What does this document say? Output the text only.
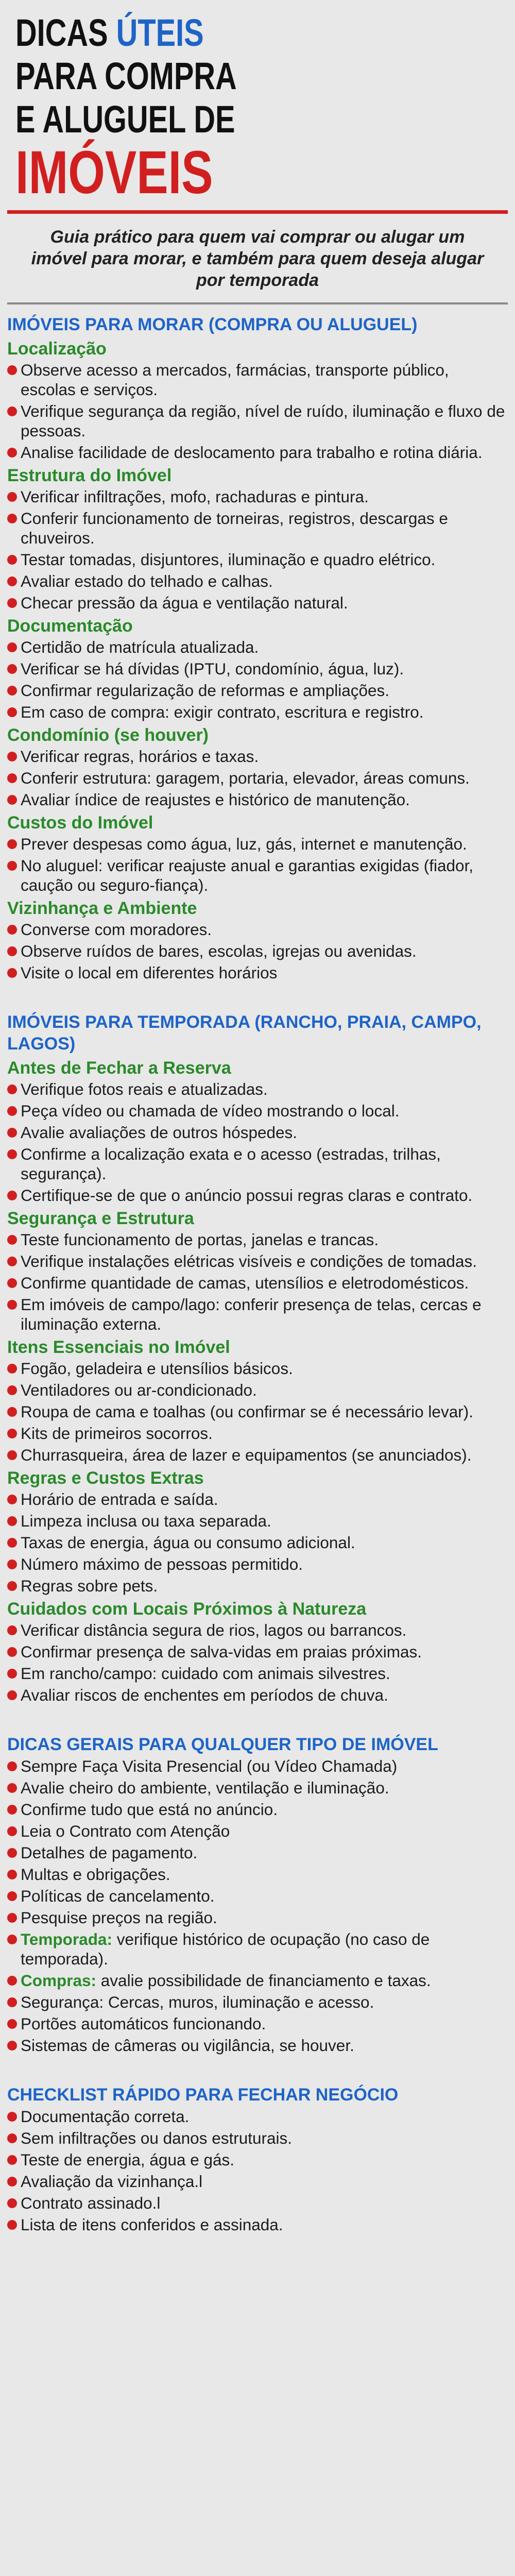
DICAS ÚTEIS
PARA COMPRA
E ALUGUEL DE
IMÓVEIS
Guia prático para quem vai comprar ou alugar um imóvel para morar, e também para quem deseja alugar por temporada
IMÓVEIS PARA MORAR (COMPRA OU ALUGUEL)
Localização
Observe acesso a mercados, farmácias, transporte público, escolas e serviços.
Verifique segurança da região, nível de ruído, iluminação e fluxo de pessoas.
Analise facilidade de deslocamento para trabalho e rotina diária.
Estrutura do Imóvel
Verificar infiltrações, mofo, rachaduras e pintura.
Conferir funcionamento de torneiras, registros, descargas e chuveiros.
Testar tomadas, disjuntores, iluminação e quadro elétrico.
Avaliar estado do telhado e calhas.
Checar pressão da água e ventilação natural.
Documentação
Certidão de matrícula atualizada.
Verificar se há dívidas (IPTU, condomínio, água, luz).
Confirmar regularização de reformas e ampliações.
Em caso de compra: exigir contrato, escritura e registro.
Condomínio (se houver)
Verificar regras, horários e taxas.
Conferir estrutura: garagem, portaria, elevador, áreas comuns.
Avaliar índice de reajustes e histórico de manutenção.
Custos do Imóvel
Prever despesas como água, luz, gás, internet e manutenção.
No aluguel: verificar reajuste anual e garantias exigidas (fiador, caução ou seguro-fiança).
Vizinhança e Ambiente
Converse com moradores.
Observe ruídos de bares, escolas, igrejas ou avenidas.
Visite o local em diferentes horários
IMÓVEIS PARA TEMPORADA (RANCHO, PRAIA, CAMPO, LAGOS)
Antes de Fechar a Reserva
Verifique fotos reais e atualizadas.
Peça vídeo ou chamada de vídeo mostrando o local.
Avalie avaliações de outros hóspedes.
Confirme a localização exata e o acesso (estradas, trilhas, segurança).
Certifique-se de que o anúncio possui regras claras e contrato.
Segurança e Estrutura
Teste funcionamento de portas, janelas e trancas.
Verifique instalações elétricas visíveis e condições de tomadas.
Confirme quantidade de camas, utensílios e eletrodomésticos.
Em imóveis de campo/lago: conferir presença de telas, cercas e iluminação externa.
Itens Essenciais no Imóvel
Fogão, geladeira e utensílios básicos.
Ventiladores ou ar-condicionado.
Roupa de cama e toalhas (ou confirmar se é necessário levar).
Kits de primeiros socorros.
Churrasqueira, área de lazer e equipamentos (se anunciados).
Regras e Custos Extras
Horário de entrada e saída.
Limpeza inclusa ou taxa separada.
Taxas de energia, água ou consumo adicional.
Número máximo de pessoas permitido.
Regras sobre pets.
Cuidados com Locais Próximos à Natureza
Verificar distância segura de rios, lagos ou barrancos.
Confirmar presença de salva-vidas em praias próximas.
Em rancho/campo: cuidado com animais silvestres.
Avaliar riscos de enchentes em períodos de chuva.
DICAS GERAIS PARA QUALQUER TIPO DE IMÓVEL
Sempre Faça Visita Presencial (ou Vídeo Chamada)
Avalie cheiro do ambiente, ventilação e iluminação.
Confirme tudo que está no anúncio.
Leia o Contrato com Atenção
Detalhes de pagamento.
Multas e obrigações.
Políticas de cancelamento.
Pesquise preços na região.
Temporada: verifique histórico de ocupação (no caso de temporada).
Compras: avalie possibilidade de financiamento e taxas.
Segurança: Cercas, muros, iluminação e acesso.
Portões automáticos funcionando.
Sistemas de câmeras ou vigilância, se houver.
CHECKLIST RÁPIDO PARA FECHAR NEGÓCIO
Documentação correta.
Sem infiltrações ou danos estruturais.
Teste de energia, água e gás.
Avaliação da vizinhança.l
Contrato assinado.l
Lista de itens conferidos e assinada.
